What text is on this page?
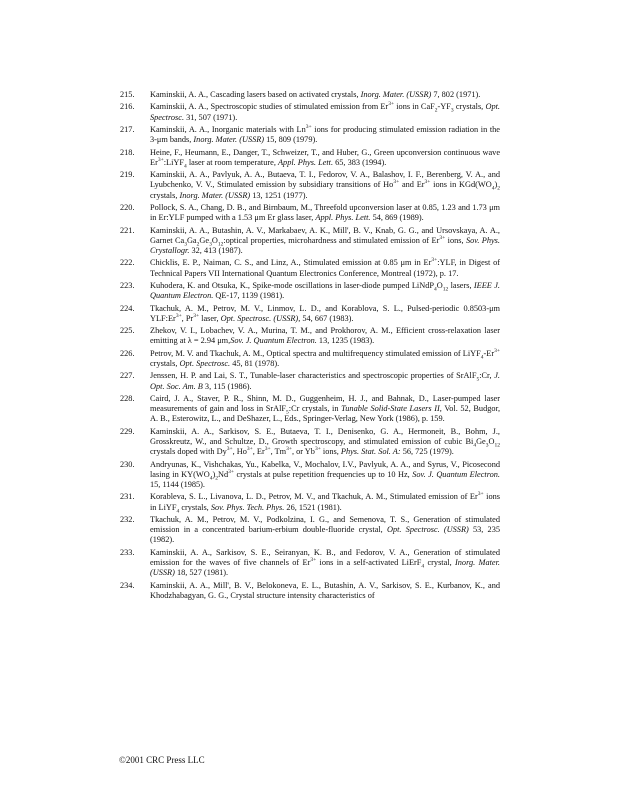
215.	Kaminskii, A. A., Cascading lasers based on activated crystals, Inorg. Mater. (USSR) 7, 802 (1971).
216.	Kaminskii, A. A., Spectroscopic studies of stimulated emission from $Er^{3+}$ ions in $CaF_2-YF_3$ crystals, Opt. Spectrosc. 31, 507 (1971).
217.	Kaminskii, A. A., Inorganic materials with $Ln^{3+}$ ions for producing stimulated emission radiation in the 3-μm bands, Inorg. Mater. (USSR) 15, 809 (1979).
218.	Heine, F., Heumann, E., Danger, T., Schweizer, T., and Huber, G., Green upconversion continuous wave $Er^{3+}:LiYF_4$ laser at room temperature, Appl. Phys. Lett. 65, 383 (1994).
219.	Kaminskii, A. A., Pavlyuk, A. A., Butaeva, T. I., Fedorov, V. A., Balashov, I. F., Berenberg, V. A., and Lyubchenko, V. V., Stimulated emission by subsidiary transitions of $Ho^{3+}$ and $Er^{3+}$ ions in $KGd(WO_4)_2$ crystals, Inorg. Mater. (USSR) 13, 1251 (1977).
220.	Pollock, S. A., Chang, D. B., and Birnbaum, M., Threefold upconversion laser at 0.85, 1.23 and 1.73 μm in Er:YLF pumped with a 1.53 μm Er glass laser, Appl. Phys. Lett. 54, 869 (1989).
221.	Kaminskii, A. A., Butashin, A. V., Markabaev, A. K., Mill', B. V., Knab, G. G., and Ursovskaya, A. A., Garnet $Ca_3Ga_2Ge_3O_{12}:optical$ properties, microhardness and stimulated emission of $Er^{3+}$ ions, Sov. Phys. Crystallogr. 32, 413 (1987).
222.	Chicklis, E. P., Naiman, C. S., and Linz, A., Stimulated emission at 0.85 μm in $Er^{3+}:YLF$, in Digest of Technical Papers VII International Quantum Electronics Conference, Montreal (1972), p. 17.
223.	Kuhodera, K. and Otsuka, K., Spike-mode oscillations in laser-diode pumped $LiNdP_4O_{12}$ lasers, IEEE J. Quantum Electron. QE-17, 1139 (1981).
224.	Tkachuk, A. M., Petrov, M. V., Linmov, L. D., and Korablova, S. L., Pulsed-periodic 0.8503-μm $YLF:Er^{3+}$, $Pr^{3+}$ laser, Opt. Spectrosc. (USSR), 54, 667 (1983).
225.	Zhekov, V. I., Lobachev, V. A., Murina, T. M., and Prokhorov, A. M., Efficient cross-relaxation laser emitting at λ = 2.94 μm,Sov. J. Quantum Electron. 13, 1235 (1983).
226.	Petrov, M. V. and Tkachuk, A. M., Optical spectra and multifrequency stimulated emission of $LiYF_4-Er^{3+}$ crystals, Opt. Spectrosc. 45, 81 (1978).
227.	Jenssen, H. P. and Lai, S. T., Tunable-laser characteristics and spectroscopic properties of SrAlF$_5$:Cr, J. Opt. Soc. Am. B 3, 115 (1986).
228.	Caird, J. A., Staver, P. R., Shinn, M. D., Guggenheim, H. J., and Bahnak, D., Laser-pumped laser measurements of gain and loss in SrAlF$_5$:Cr crystals, in Tunable Solid-State Lasers II, Vol. 52, Budgor, A. B., Esterowitz, L., and DeShazer, L., Eds., Springer-Verlag, New York (1986), p. 159.
229.	Kaminskii, A. A., Sarkisov, S. E., Butaeva, T. I., Denisenko, G. A., Hermoneit, B., Bohm, J., Grosskreutz, W., and Schultze, D., Growth spectroscopy, and stimulated emission of cubic $Bi_4Ge_3O_{12}$ crystals doped with $Dy^{3+}$, $Ho^{3+}$, $Er^{3+}$, $Tm^{3+}$, or $Yb^{3+}$ ions, Phys. Stat. Sol. A: 56, 725 (1979).
230.	Andryunas, K., Vishchakas, Yu., Kabelka, V., Mochalov, I.V., Pavlyuk, A. A., and Syrus, V., Picosecond lasing in $KY(WO_4)_2Nd^{3+}$ crystals at pulse repetition frequencies up to 10 Hz, Sov. J. Quantum Electron. 15, 1144 (1985).
231.	Korableva, S. L., Livanova, L. D., Petrov, M. V., and Tkachuk, A. M., Stimulated emission of $Er^{3+}$ ions in LiYF$_4$ crystals, Sov. Phys. Tech. Phys. 26, 1521 (1981).
232.	Tkachuk, A. M., Petrov, M. V., Podkolzina, I. G., and Semenova, T. S., Generation of stimulated emission in a concentrated barium-erbium double-fluoride crystal, Opt. Spectrosc. (USSR) 53, 235 (1982).
233.	Kaminskii, A. A., Sarkisov, S. E., Seiranyan, K. B., and Fedorov, V. A., Generation of stimulated emission for the waves of five channels of $Er^{3+}$ ions in a self-activated LiErF$_4$ crystal, Inorg. Mater. (USSR) 18, 527 (1981).
234.	Kaminskii, A. A., Mill', B. V., Belokoneva, E. L., Butashin, A. V., Sarkisov, S. E., Kurbanov, K., and Khodzhabagyan, G. G., Crystal structure intensity characteristics of
©2001 CRC Press LLC
